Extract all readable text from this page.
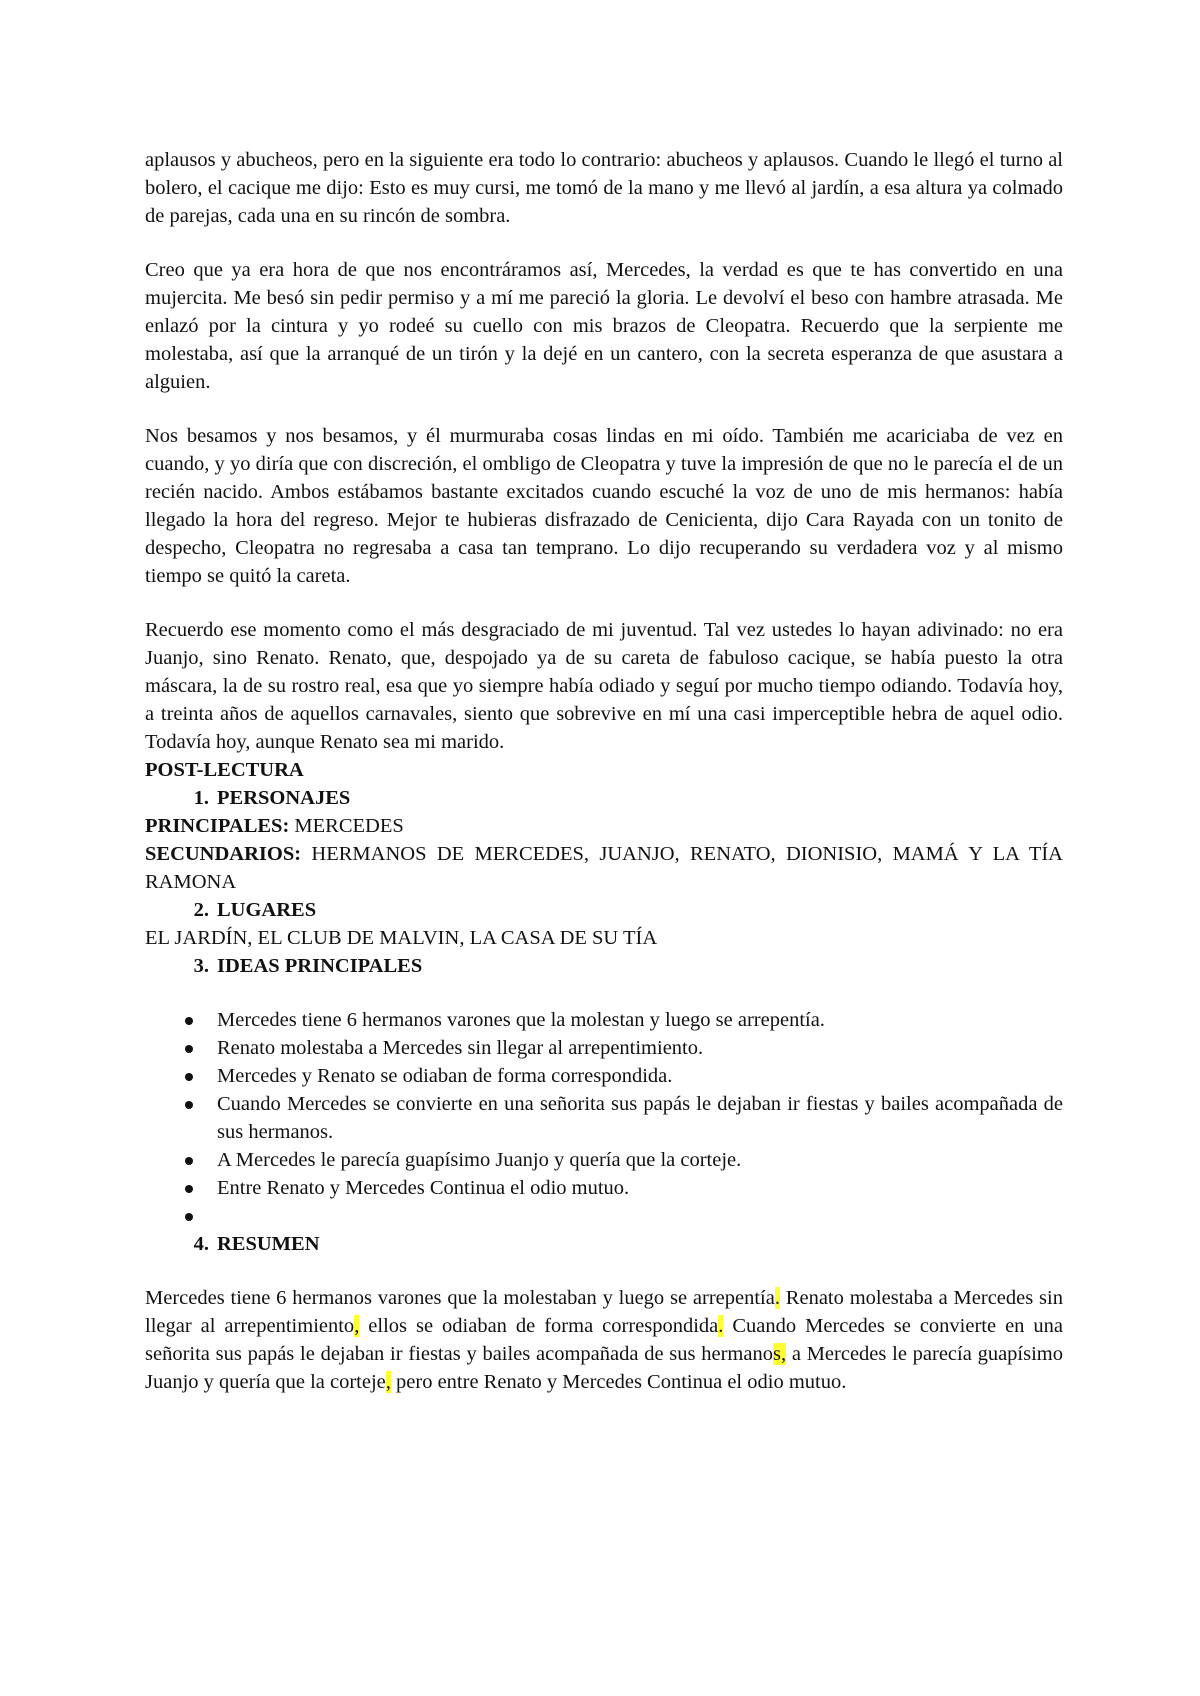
aplausos y abucheos, pero en la siguiente era todo lo contrario: abucheos y aplausos. Cuando le llegó el turno al bolero, el cacique me dijo: Esto es muy cursi, me tomó de la mano y me llevó al jardín, a esa altura ya colmado de parejas, cada una en su rincón de sombra.

Creo que ya era hora de que nos encontráramos así, Mercedes, la verdad es que te has convertido en una mujercita. Me besó sin pedir permiso y a mí me pareció la gloria. Le devolví el beso con hambre atrasada. Me enlazó por la cintura y yo rodeé su cuello con mis brazos de Cleopatra. Recuerdo que la serpiente me molestaba, así que la arranqué de un tirón y la dejé en un cantero, con la secreta esperanza de que asustara a alguien.

Nos besamos y nos besamos, y él murmuraba cosas lindas en mi oído. También me acariciaba de vez en cuando, y yo diría que con discreción, el ombligo de Cleopatra y tuve la impresión de que no le parecía el de un recién nacido. Ambos estábamos bastante excitados cuando escuché la voz de uno de mis hermanos: había llegado la hora del regreso. Mejor te hubieras disfrazado de Cenicienta, dijo Cara Rayada con un tonito de despecho, Cleopatra no regresaba a casa tan temprano. Lo dijo recuperando su verdadera voz y al mismo tiempo se quitó la careta.

Recuerdo ese momento como el más desgraciado de mi juventud. Tal vez ustedes lo hayan adivinado: no era Juanjo, sino Renato. Renato, que, despojado ya de su careta de fabuloso cacique, se había puesto la otra máscara, la de su rostro real, esa que yo siempre había odiado y seguí por mucho tiempo odiando. Todavía hoy, a treinta años de aquellos carnavales, siento que sobrevive en mí una casi imperceptible hebra de aquel odio. Todavía hoy, aunque Renato sea mi marido.

POST-LECTURA
1. PERSONAJES
PRINCIPALES: MERCEDES
SECUNDARIOS: HERMANOS DE MERCEDES, JUANJO, RENATO, DIONISIO, MAMÁ Y LA TÍA RAMONA
2. LUGARES
EL JARDÍN, EL CLUB DE MALVIN, LA CASA DE SU TÍA
3. IDEAS PRINCIPALES
Mercedes tiene 6 hermanos varones que la molestan y luego se arrepentía.
Renato molestaba a Mercedes sin llegar al arrepentimiento.
Mercedes y Renato se odiaban de forma correspondida.
Cuando Mercedes se convierte en una señorita sus papás le dejaban ir fiestas y bailes acompañada de sus hermanos.
A Mercedes le parecía guapísimo Juanjo y quería que la corteje.
Entre Renato y Mercedes Continua el odio mutuo.
4. RESUMEN

Mercedes tiene 6 hermanos varones que la molestaban y luego se arrepentía. Renato molestaba a Mercedes sin llegar al arrepentimiento, ellos se odiaban de forma correspondida. Cuando Mercedes se convierte en una señorita sus papás le dejaban ir fiestas y bailes acompañada de sus hermanos, a Mercedes le parecía guapísimo Juanjo y quería que la corteje, pero entre Renato y Mercedes Continua el odio mutuo.
